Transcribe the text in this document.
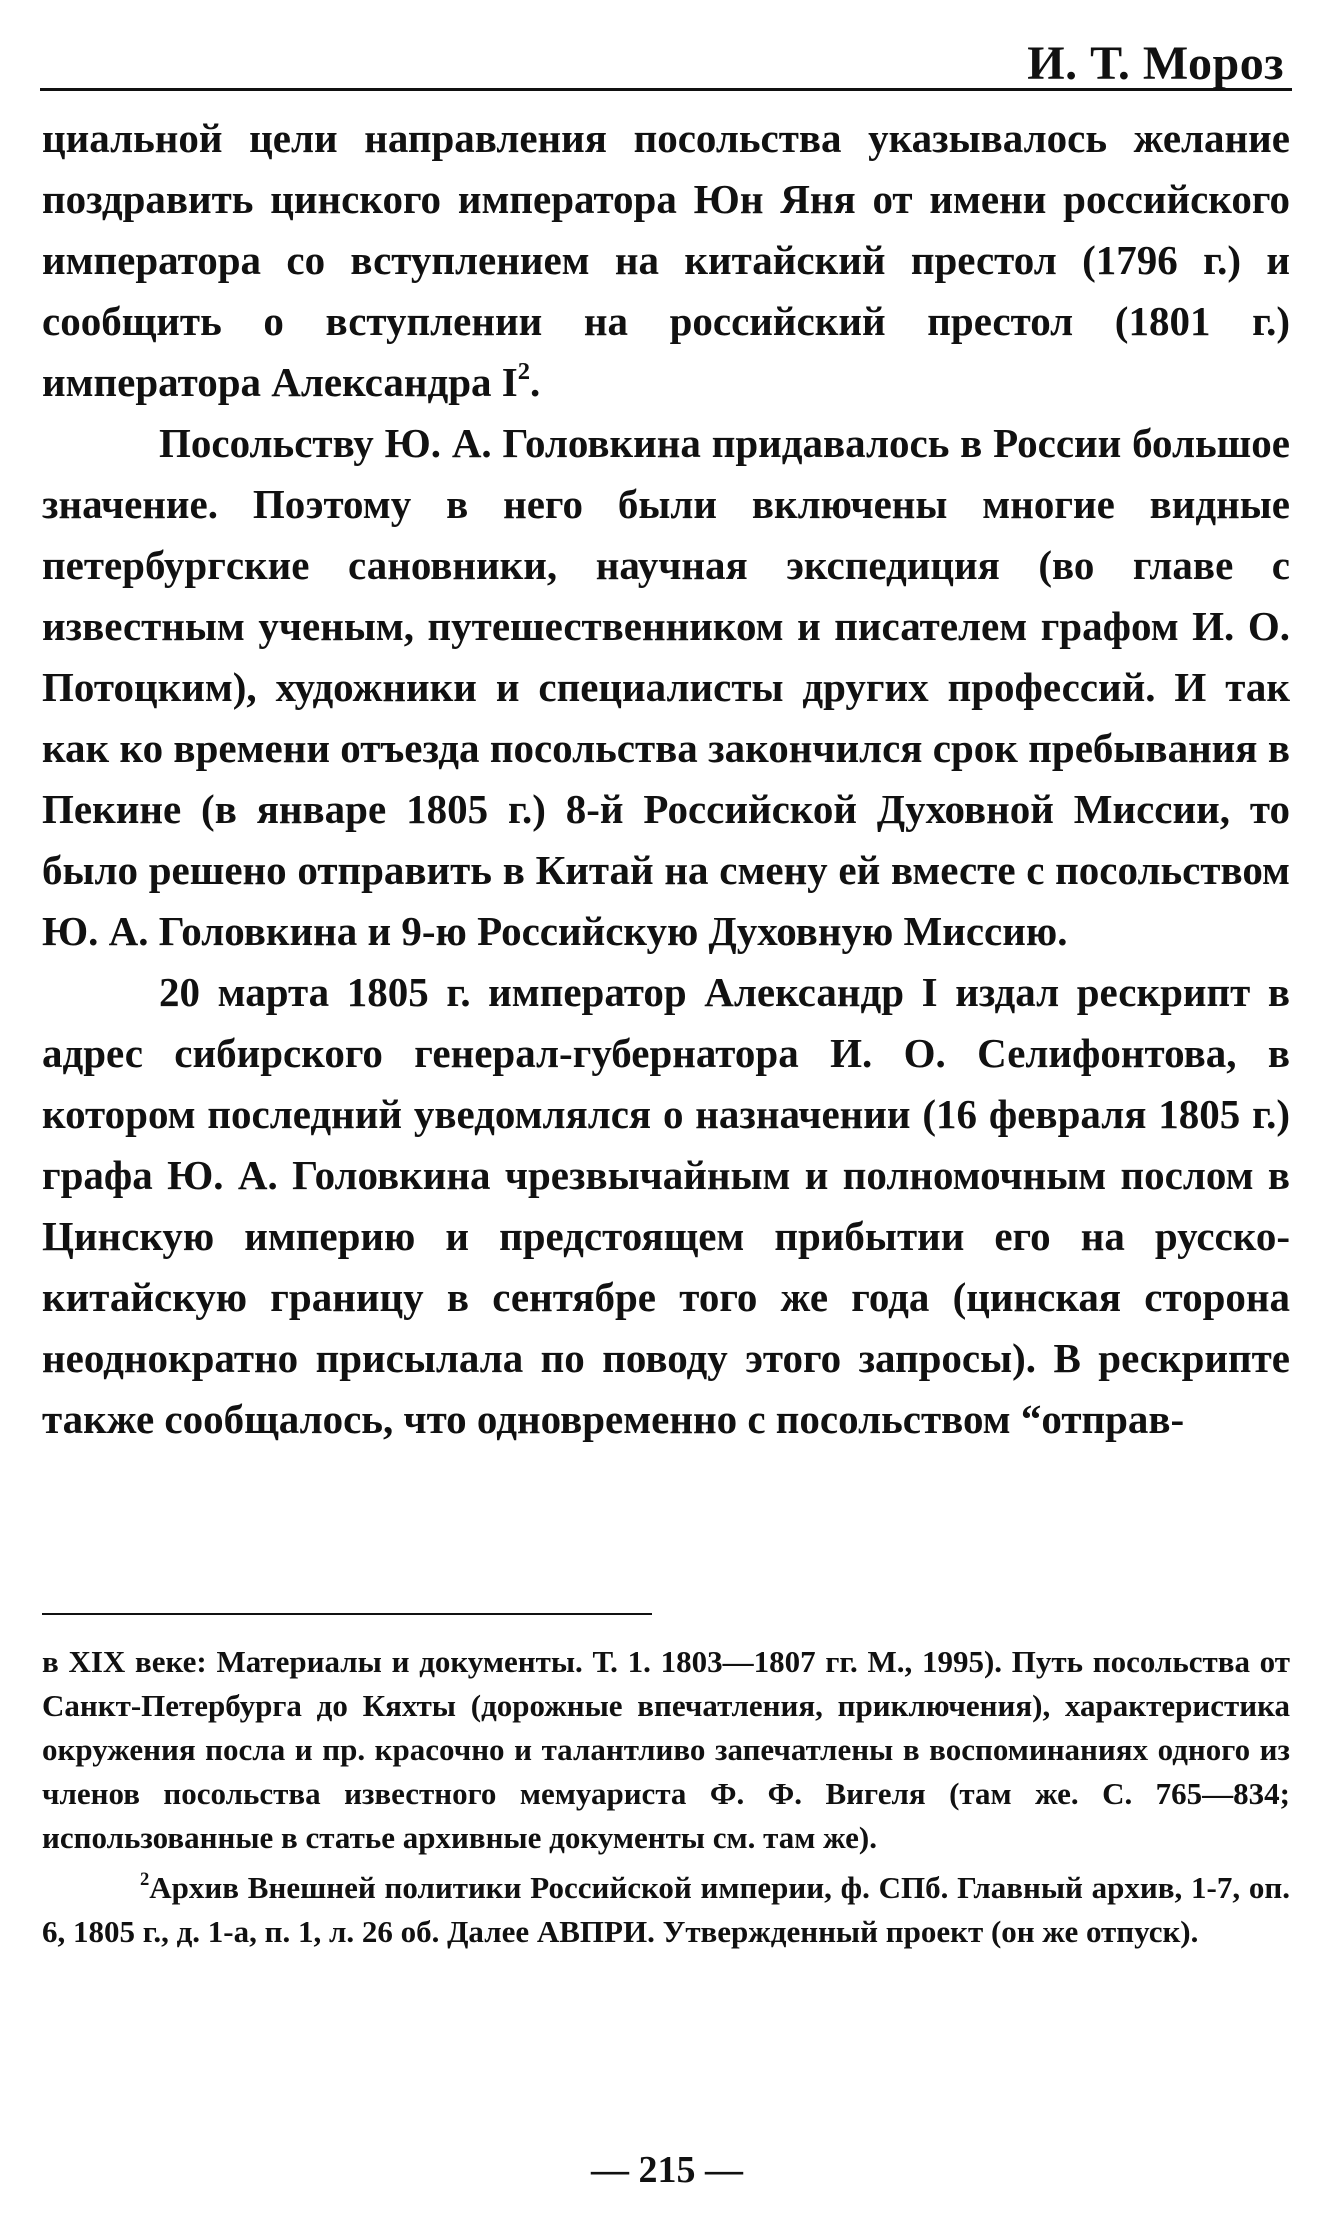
И. Т. Мороз

циальной цели направления посольства указывалось желание поздравить цинского императора Юн Яня от имени российского императора со вступлением на китайский престол (1796 г.) и сообщить о вступлении на российский престол (1801 г.) императора Александра $I^2$.

Посольству Ю. А. Головкина придавалось в России большое значение. Поэтому в него были включены многие видные петербургские сановники, научная экспедиция (во главе с известным ученым, путешественником и писателем графом И. О. Потоцким), художники и специалисты других профессий. И так как ко времени отъезда посольства закончился срок пребывания в Пекине (в январе 1805 г.) 8-й Российской Духовной Миссии, то было решено отправить в Китай на смену ей вместе с посольством Ю. А. Головкина и 9-ю Российскую Духовную Миссию.

20 марта 1805 г. император Александр I издал рескрипт в адрес сибирского генерал-губернатора И. О. Селифонтова, в котором последний уведомлялся о назначении (16 февраля 1805 г.) графа Ю. А. Головкина чрезвычайным и полномочным послом в Цинскую империю и предстоящем прибытии его на русско-китайскую границу в сентябре того же года (цинская сторона неоднократно присылала по поводу этого запросы). В рескрипте также сообщалось, что одновременно с посольством “отправ-

в XIX веке: Материалы и документы. Т. 1. 1803—1807 гг. М., 1995). Путь посольства от Санкт-Петербурга до Кяхты (дорожные впечатления, приключения), характеристика окружения посла и пр. красочно и талантливо запечатлены в воспоминаниях одного из членов посольства известного мемуариста Ф. Ф. Вигеля (там же. С. 765—834; использованные в статье архивные документы см. там же).

$^2$Архив Внешней политики Российской империи, ф. СПб. Главный архив, 1-7, оп. 6, 1805 г., д. 1-а, п. 1, л. 26 об. Далее АВПРИ. Утвержденный проект (он же отпуск).

— 215 —
